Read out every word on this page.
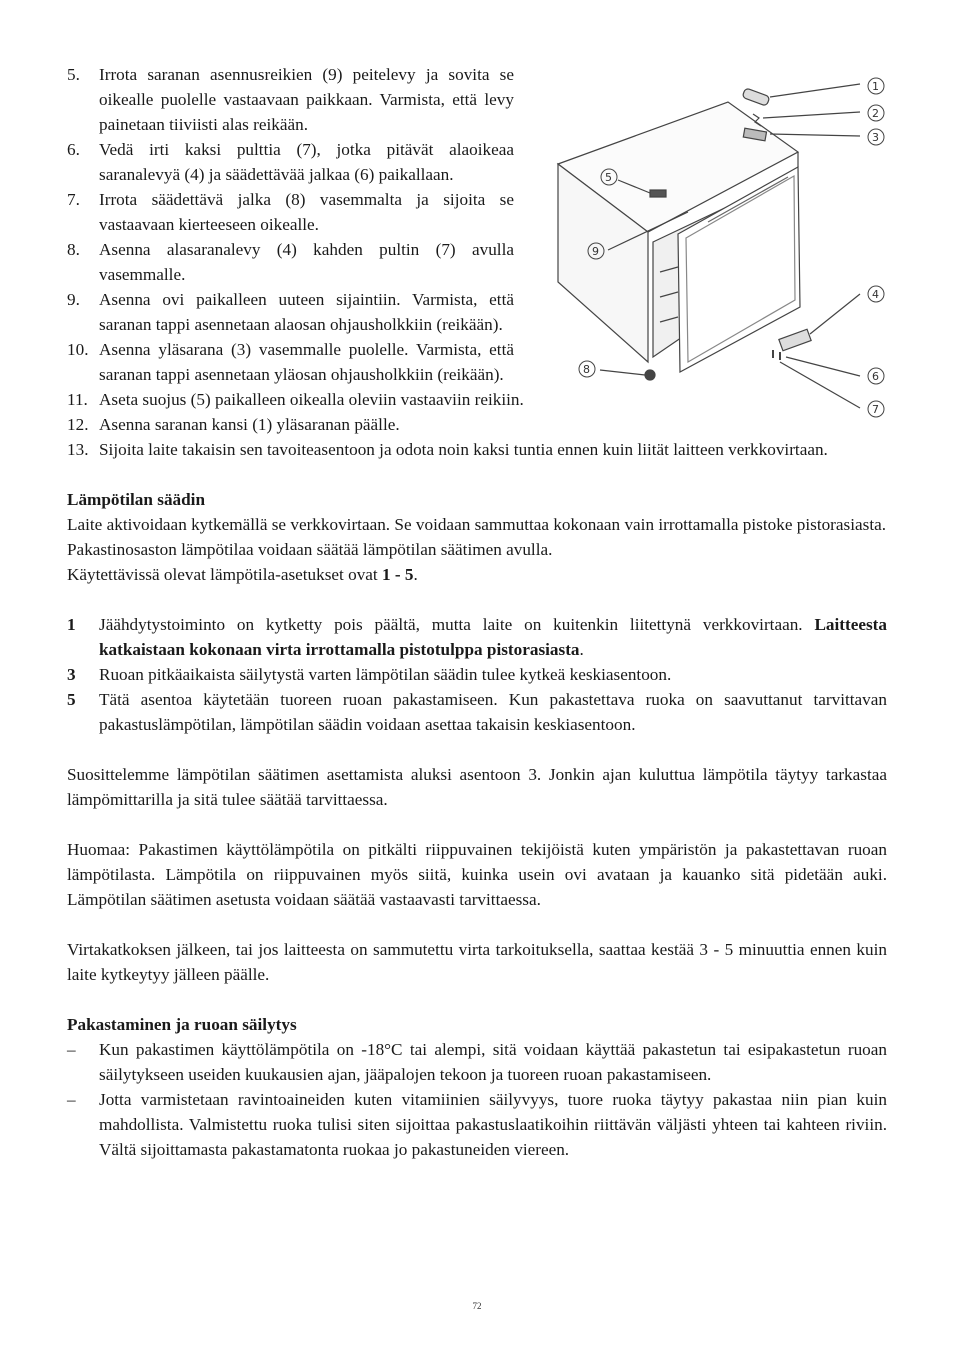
5.	Irrota saranan asennusreikien (9) peitelevy ja sovita se oikealle puolelle vastaavaan paikkaan. Varmista, että levy painetaan tiiviisti alas reikään.
6.	Vedä irti kaksi pulttia (7), jotka pitävät alaoikeaa saranalevyä (4) ja säädettävää jalkaa (6) paikallaan.
7.	Irrota säädettävä jalka (8) vasemmalta ja sijoita se vastaavaan kierteeseen oikealle.
8.	Asenna alasaranalevy (4) kahden pultin (7) avulla vasemmalle.
9.	Asenna ovi paikalleen uuteen sijaintiin. Varmista, että saranan tappi asennetaan alaosan ohjausholkkiin (reikään).
10. Asenna yläsarana (3) vasemmalle puolelle. Varmista, että saranan tappi asennetaan yläosan ohjausholkkiin (reikään).
11. Aseta suojus (5) paikalleen oikealla oleviin vastaaviin reikiin.
12. Asenna saranan kansi (1) yläsaranan päälle.
13. Sijoita laite takaisin sen tavoiteasentoon ja odota noin kaksi tuntia ennen kuin liität laitteen verkkovirtaan.
Lämpötilan säädin

Laite aktivoidaan kytkemällä se verkkovirtaan. Se voidaan sammuttaa kokonaan vain irrottamalla pistoke pistorasiasta.

Pakastinosaston lämpötilaa voidaan säätää lämpötilan säätimen avulla.

Käytettävissä olevat lämpötila-asetukset ovat 1 - 5.

1	Jäähdytystoiminto on kytketty pois päältä, mutta laite on kuitenkin liitettynä verkkovirtaan. Laitteesta katkaistaan kokonaan virta irrottamalla pistotulppa pistorasiasta.
3	Ruoan pitkäaikaista säilytystä varten lämpötilan säädin tulee kytkeä keskiasentoon.
5	Tätä asentoa käytetään tuoreen ruoan pakastamiseen. Kun pakastettava ruoka on saavuttanut tarvittavan pakastuslämpötilan, lämpötilan säädin voidaan asettaa takaisin keskiasentoon.

Suosittelemme lämpötilan säätimen asettamista aluksi asentoon 3. Jonkin ajan kuluttua lämpötila täytyy tarkastaa lämpömittarilla ja sitä tulee säätää tarvittaessa.

Huomaa: Pakastimen käyttölämpötila on pitkälti riippuvainen tekijöistä kuten ympäristön ja pakastettavan ruoan lämpötilasta. Lämpötila on riippuvainen myös siitä, kuinka usein ovi avataan ja kauanko sitä pidetään auki. Lämpötilan säätimen asetusta voidaan säätää vastaavasti tarvittaessa.

Virtakatkoksen jälkeen, tai jos laitteesta on sammutettu virta tarkoituksella, saattaa kestää 3 - 5 minuuttia ennen kuin laite kytkeytyy jälleen päälle.

Pakastaminen ja ruoan säilytys
–	Kun pakastimen käyttölämpötila on -18°C tai alempi, sitä voidaan käyttää pakastetun tai esipakastetun ruoan säilytykseen useiden kuukausien ajan, jääpalojen tekoon ja tuoreen ruoan pakastamiseen.
–	Jotta varmistetaan ravintoaineiden kuten vitamiinien säilyvyys, tuore ruoka täytyy pakastaa niin pian kuin mahdollista. Valmistettu ruoka tulisi siten sijoittaa pakastuslaatikoihin riittävän väljästi yhteen tai kahteen riviin. Vältä sijoittamasta pakastamatonta ruokaa jo pakastuneiden viereen.
1
2
3
4
5
6
7
8
9
72
